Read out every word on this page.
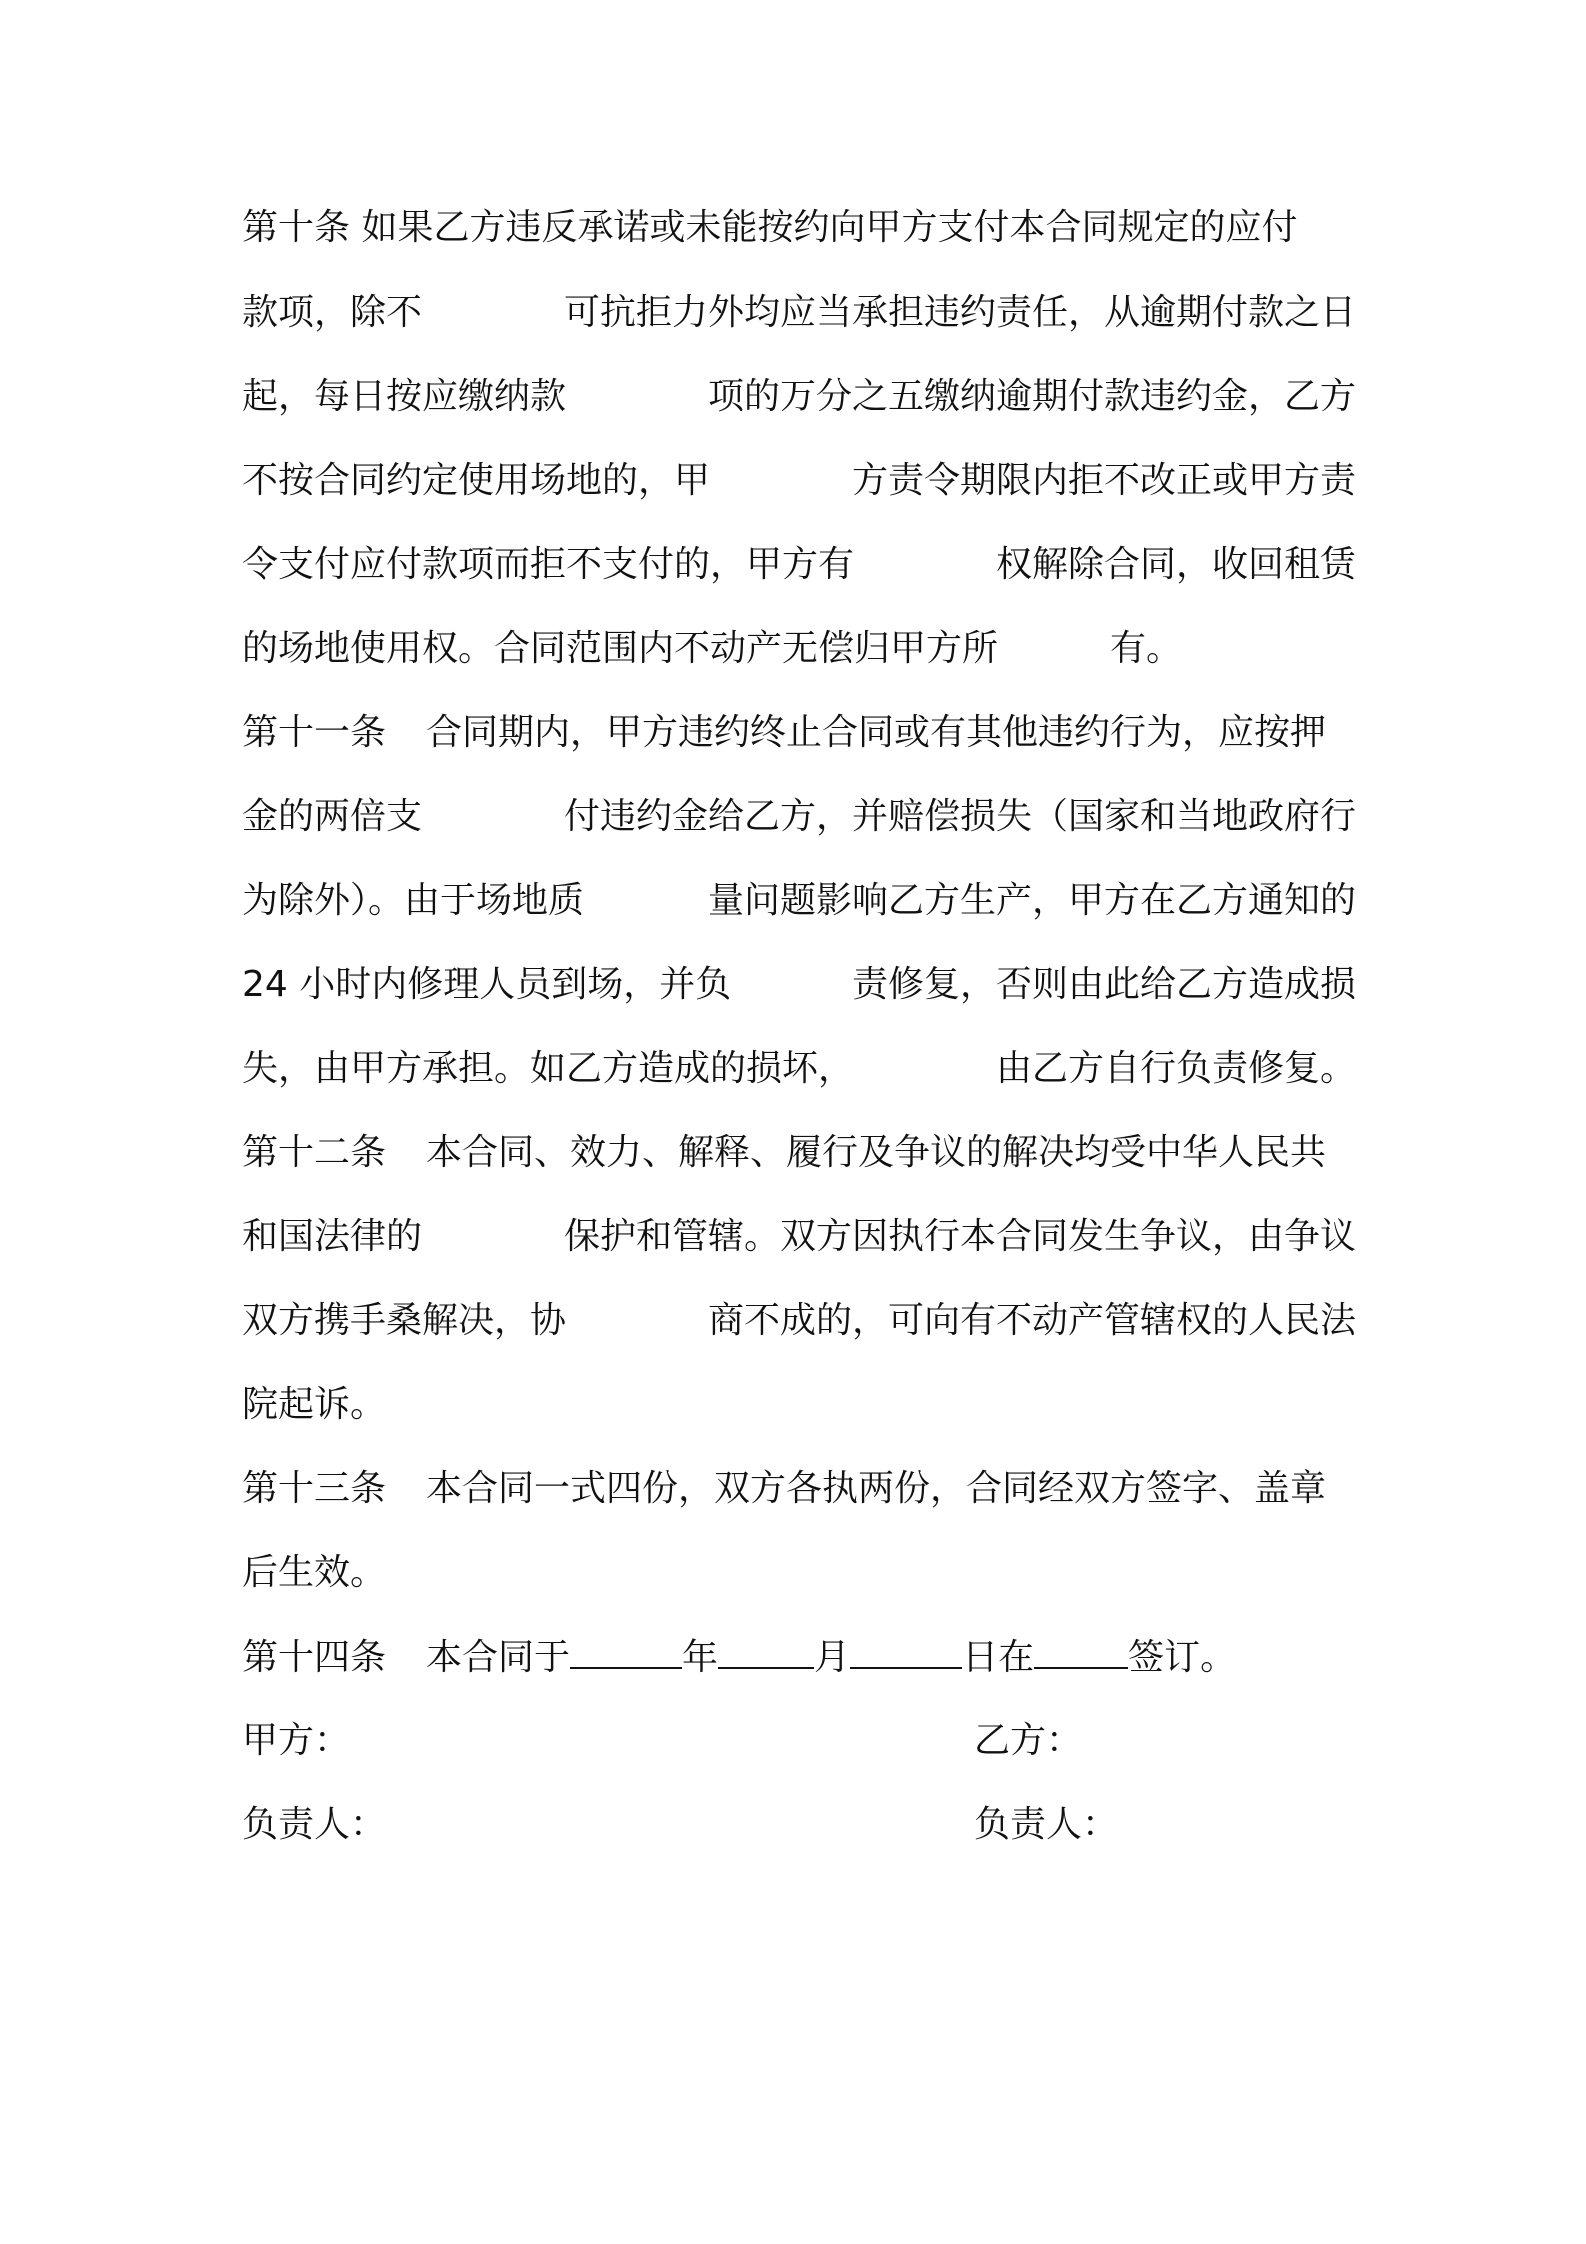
第十条 如果乙方违反承诺或未能按约向甲方支付本合同规定的应付
款项，除不	可抗拒力外均应当承担违约责任，从逾期付款之日
起，每日按应缴纳款	项的万分之五缴纳逾期付款违约金，乙方
不按合同约定使用场地的，甲	方责令期限内拒不改正或甲方责
令支付应付款项而拒不支付的，甲方有	权解除合同，收回租赁
的场地使用权。合同范围内不动产无偿归甲方所	有。
第十一条 合同期内，甲方违约终止合同或有其他违约行为，应按押
金的两倍支	付违约金给乙方，并赔偿损失（国家和当地政府行
为除外）。由于场地质	量问题影响乙方生产，甲方在乙方通知的
24 小时内修理人员到场，并负	责修复，否则由此给乙方造成损
失，由甲方承担。如乙方造成的损坏，	由乙方自行负责修复。
第十二条 本合同、效力、解释、履行及争议的解决均受中华人民共
和国法律的	保护和管辖。双方因执行本合同发生争议，由争议
双方携手桑解决，协	商不成的，可向有不动产管辖权的人民法
院起诉。
第十三条 本合同一式四份，双方各执两份，合同经双方签字、盖章
后生效。
第十四条 本合同于	年	月	日在	签订。
甲方：	乙方：
负责人：	负责人：
